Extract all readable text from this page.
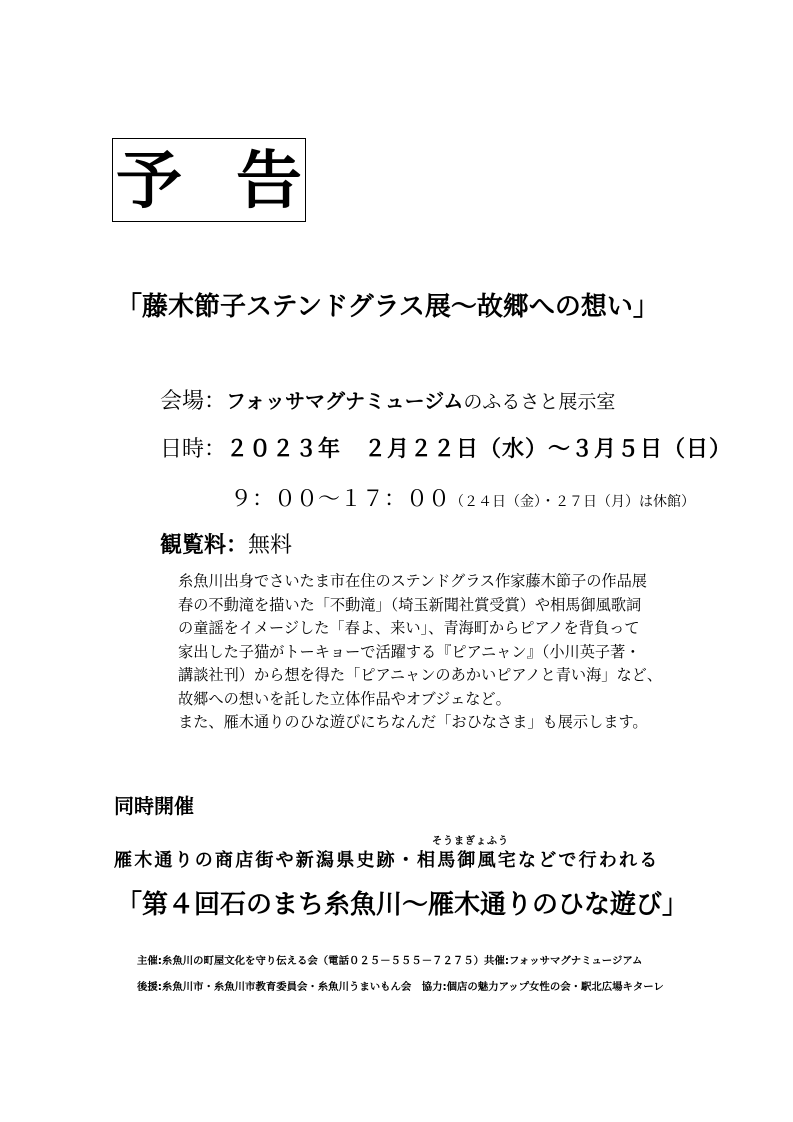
予 告
「藤木節子ステンドグラス展～故郷への想い」
会場：フォッサマグナミュージムのふるさと展示室
日時：２０２３年　２月２２日（水）～３月５日（日）
９：００～１７：００（２４日（金）・２７日（月）は休館）
観覧料：無料
糸魚川出身でさいたま市在住のステンドグラス作家藤木節子の作品展
春の不動滝を描いた「不動滝」（埼玉新聞社賞受賞）や相馬御風歌詞
の童謡をイメージした「春よ、来い」、青海町からピアノを背負って
家出した子猫がトーキョーで活躍する『ピアニャン』（小川英子著・
講談社刊）から想を得た「ピアニャンのあかいピアノと青い海」など、
故郷への想いを託した立体作品やオブジェなど。
また、雁木通りのひな遊びにちなんだ「おひなさま」も展示します。
同時開催
そうまぎょふう
雁木通りの商店街や新潟県史跡・相馬御風宅などで行われる
「第４回石のまち糸魚川～雁木通りのひな遊び」
主催:糸魚川の町屋文化を守り伝える会（電話０２５－５５５－７２７５）共催:フォッサマグナミュージアム
後援:糸魚川市・糸魚川市教育委員会・糸魚川うまいもん会　協力:個店の魅力アップ女性の会・駅北広場キターレ
